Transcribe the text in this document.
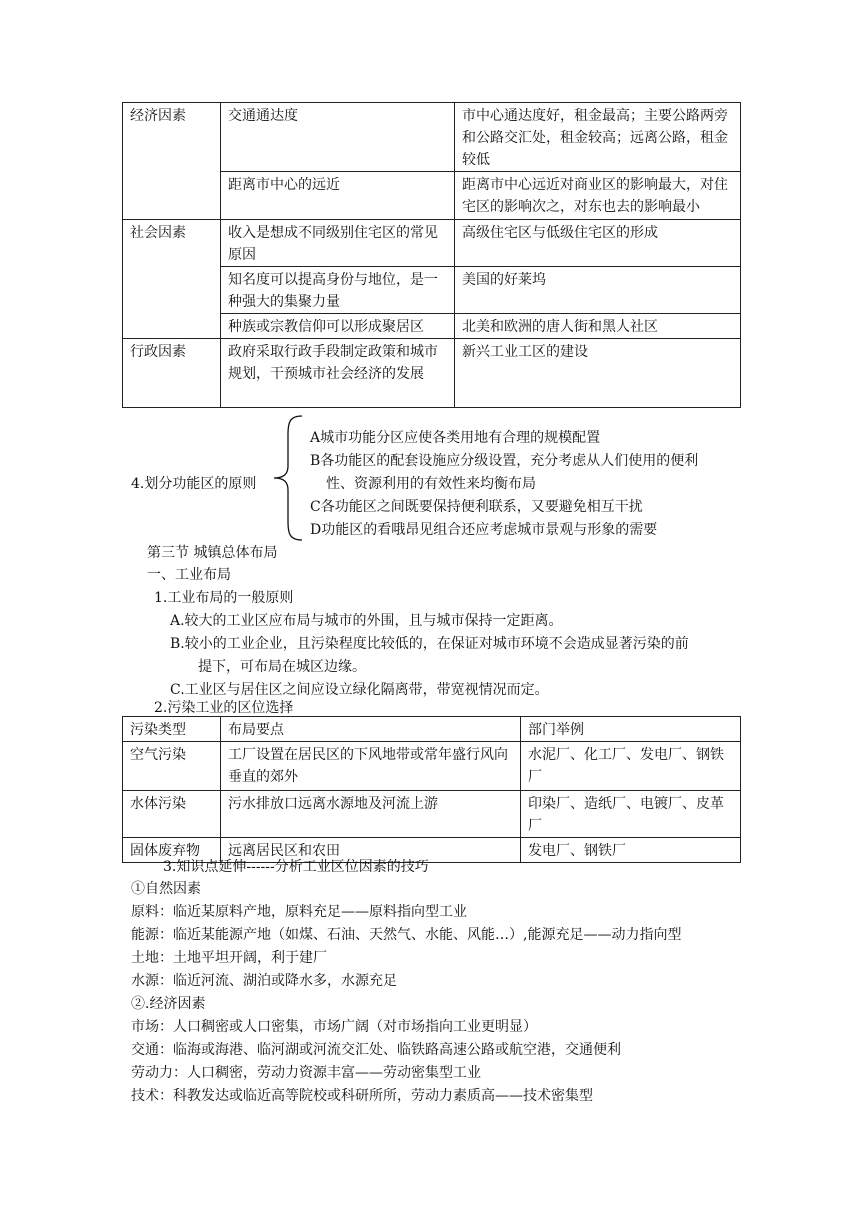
经济因素	交通通达度	市中心通达度好，租金最高；主要公路两旁和公路交汇处，租金较高；远离公路，租金较低
	距离市中心的远近	距离市中心远近对商业区的影响最大，对住宅区的影响次之，对东也去的影响最小
社会因素	收入是想成不同级别住宅区的常见原因	高级住宅区与低级住宅区的形成
	知名度可以提高身份与地位，是一种强大的集聚力量	美国的好莱坞
	种族或宗教信仰可以形成聚居区	北美和欧洲的唐人街和黑人社区
行政因素	政府采取行政手段制定政策和城市规划，干预城市社会经济的发展	新兴工业工区的建设
4.划分功能区的原则
A城市功能分区应使各类用地有合理的规模配置
B各功能区的配套设施应分级设置，充分考虑从人们使用的便利
性、资源利用的有效性来均衡布局
C各功能区之间既要保持便利联系，又要避免相互干扰
D功能区的看哦昂见组合还应考虑城市景观与形象的需要
第三节 城镇总体布局
一、工业布局
1.工业布局的一般原则
A.较大的工业区应布局与城市的外围，且与城市保持一定距离。
B.较小的工业企业，且污染程度比较低的，在保证对城市环境不会造成显著污染的前
提下，可布局在城区边缘。
C.工业区与居住区之间应设立绿化隔离带，带宽视情况而定。
2.污染工业的区位选择
污染类型	布局要点	部门举例
空气污染	工厂设置在居民区的下风地带或常年盛行风向垂直的郊外	水泥厂、化工厂、发电厂、钢铁厂
水体污染	污水排放口远离水源地及河流上游	印染厂、造纸厂、电镀厂、皮革厂
固体废弃物	远离居民区和农田	发电厂、钢铁厂
3.知识点延伸------分析工业区位因素的技巧
①自然因素
原料：临近某原料产地，原料充足——原料指向型工业
能源：临近某能源产地（如煤、石油、天然气、水能、风能…）,能源充足——动力指向型
土地：土地平坦开阔，利于建厂
水源：临近河流、湖泊或降水多，水源充足
②.经济因素
市场：人口稠密或人口密集，市场广阔（对市场指向工业更明显）
交通：临海或海港、临河湖或河流交汇处、临铁路高速公路或航空港，交通便利
劳动力：人口稠密，劳动力资源丰富——劳动密集型工业
技术：科教发达或临近高等院校或科研所所，劳动力素质高——技术密集型
